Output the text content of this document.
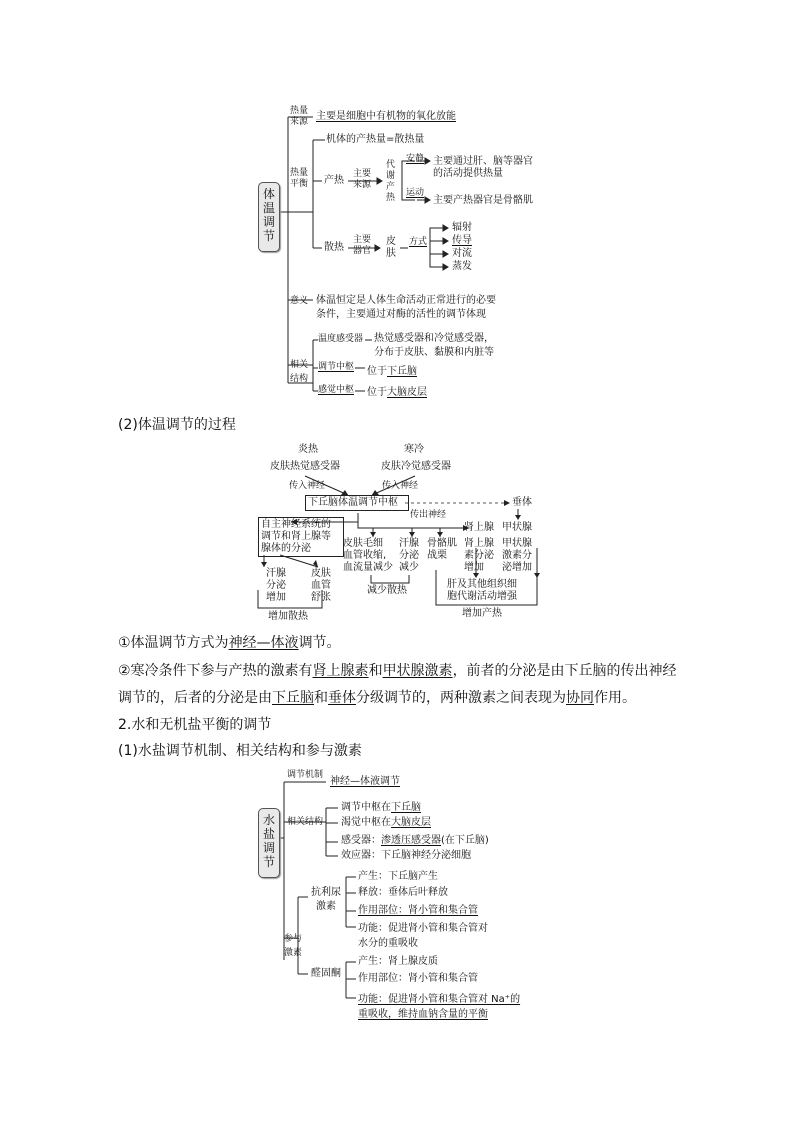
体
温
调
节
热量
来源 主要是细胞中有机物的氧化放能
热量
平衡
机体的产热量=散热量
产热
主要
来源
代
谢
产
热
安静 主要通过肝、脑等器官
的活动提供热量
运动
主要产热器官是骨骼肌
散热
主要
器官
皮
肤
方式
辐射
传导
对流
蒸发
意义 体温恒定是人体生命活动正常进行的必要
条件，主要通过对酶的活性的调节体现
相关
结构
温度感受器 热觉感受器和冷觉感受器，
分布于皮肤、黏膜和内脏等
调节中枢 位于下丘脑
感觉中枢 位于大脑皮层
(2)体温调节的过程
炎热
皮肤热觉感受器
寒冷
皮肤冷觉感受器
传入神经	传入神经
下丘脑体温调节中枢	垂体
传出神经
自主神经系统的
调节和肾上腺等
腺体的分泌
汗腺
分泌
增加
皮肤
血管
舒张
增加散热
皮肤毛细
血管收缩,
血流量减少
汗腺
分泌
减少
减少散热
骨骼肌
战栗
肾上腺
肾上腺
素分泌
增加
甲状腺
甲状腺
激素分
泌增加
肝及其他组织细
胞代谢活动增强
增加产热
①体温调节方式为神经—体液调节。
②寒冷条件下参与产热的激素有肾上腺素和甲状腺激素，前者的分泌是由下丘脑的传出神经
调节的，后者的分泌是由下丘脑和垂体分级调节的，两种激素之间表现为协同作用。
2.水和无机盐平衡的调节
(1)水盐调节机制、相关结构和参与激素
水
盐
调
节
调节机制
神经—体液调节
相关结构
调节中枢在下丘脑
渴觉中枢在大脑皮层
感受器：渗透压感受器(在下丘脑)
效应器：下丘脑神经分泌细胞
参与
激素
抗利尿
激素
产生：下丘脑产生
释放：垂体后叶释放
作用部位：肾小管和集合管
功能：促进肾小管和集合管对
水分的重吸收
醛固酮
产生：肾上腺皮质
作用部位：肾小管和集合管
功能：促进肾小管和集合管对 Na⁺的
重吸收，维持血钠含量的平衡
